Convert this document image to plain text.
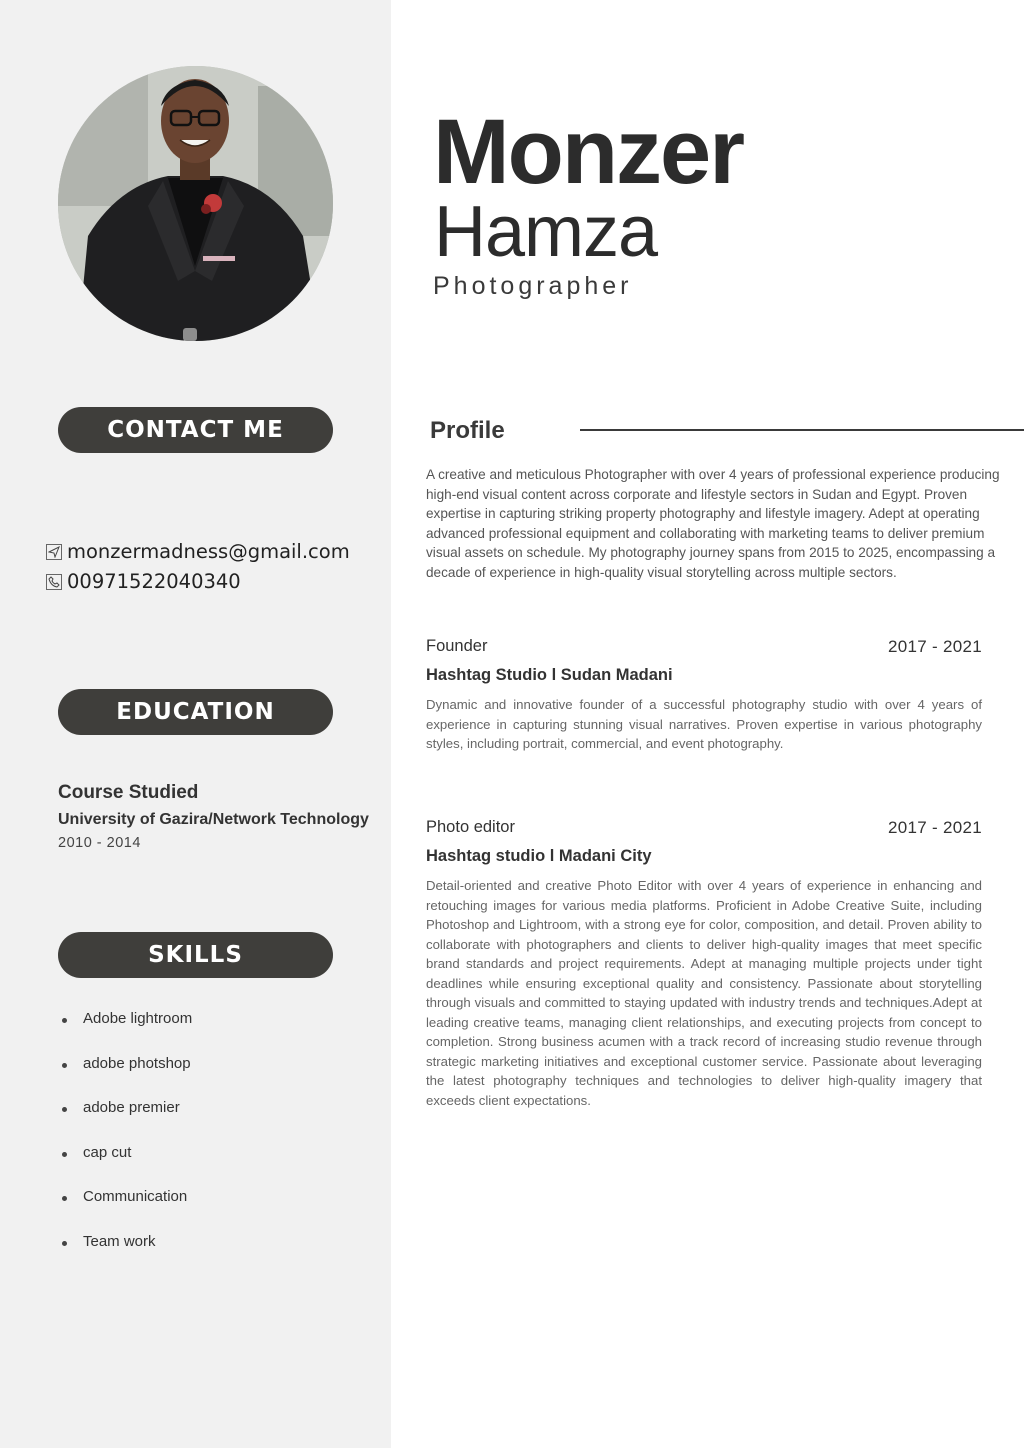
CONTACT ME
monzermadness@gmail.com
00971522040340
EDUCATION
Course Studied
University of Gazira/Network Technology
2010 - 2014
SKILLS
Adobe lightroom
adobe photshop
adobe premier
cap cut
Communication
Team work
Monzer
Hamza
Photographer
Profile
A creative and meticulous Photographer with over 4 years of professional experience producing high-end visual content across corporate and lifestyle sectors in Sudan and Egypt. Proven expertise in capturing striking property photography and lifestyle imagery. Adept at operating advanced professional equipment and collaborating with marketing teams to deliver premium visual assets on schedule. My photography journey spans from 2015 to 2025, encompassing a decade of experience in high-quality visual storytelling across multiple sectors.
Founder	2017 - 2021
Hashtag Studio l Sudan Madani
Dynamic and innovative founder of a successful photography studio with over 4 years of experience in capturing stunning visual narratives. Proven expertise in various photography styles, including portrait, commercial, and event photography.
Photo editor	2017 - 2021
Hashtag studio l Madani City
Detail-oriented and creative Photo Editor with over 4 years of experience in enhancing and retouching images for various media platforms. Proficient in Adobe Creative Suite, including Photoshop and Lightroom, with a strong eye for color, composition, and detail. Proven ability to collaborate with photographers and clients to deliver high-quality images that meet specific brand standards and project requirements. Adept at managing multiple projects under tight deadlines while ensuring exceptional quality and consistency. Passionate about storytelling through visuals and committed to staying updated with industry trends and techniques.Adept at leading creative teams, managing client relationships, and executing projects from concept to completion. Strong business acumen with a track record of increasing studio revenue through strategic marketing initiatives and exceptional customer service. Passionate about leveraging the latest photography techniques and technologies to deliver high-quality imagery that exceeds client expectations.
